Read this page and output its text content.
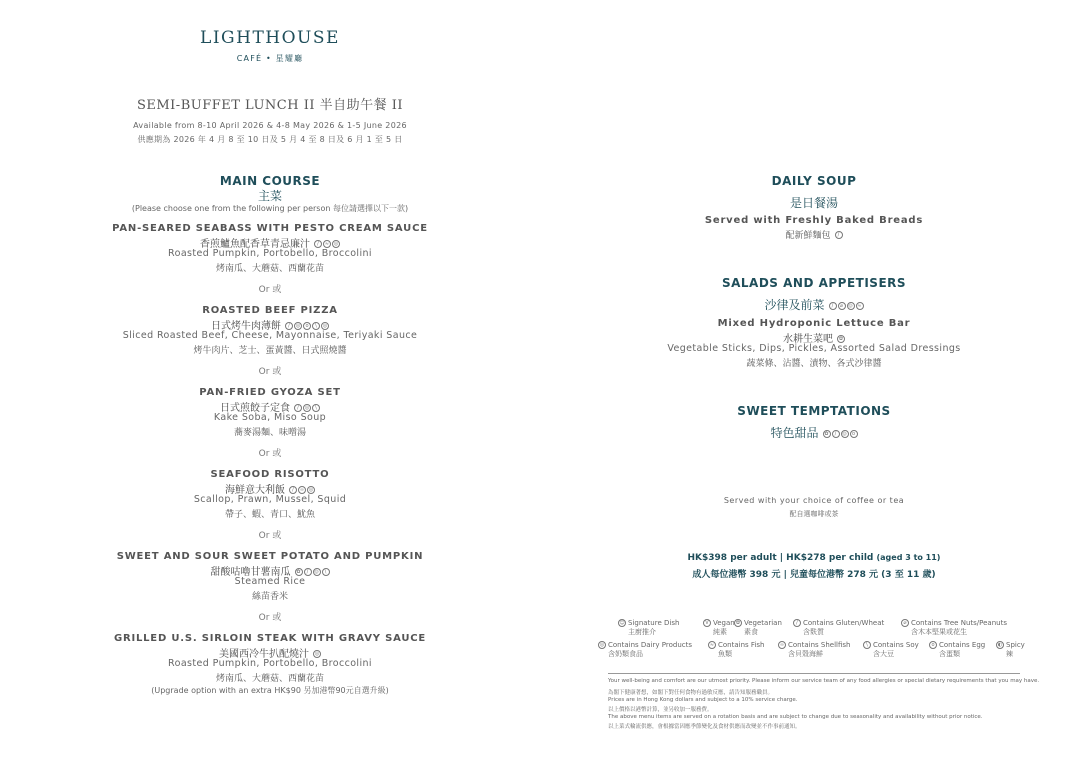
LIGHTHOUSE
CAFÉ • 星耀廳
SEMI-BUFFET LUNCH II 半自助午餐 II
Available from 8-10 April 2026 & 4-8 May 2026 & 1-5 June 2026
供應期為 2026 年 4 月 8 至 10 日及 5 月 4 至 8 日及 6 月 1 至 5 日
MAIN COURSE
主菜
(Please choose one from the following per person 每位請選擇以下一款)
PAN-SEARED SEABASS WITH PESTO CREAM SAUCE
香煎鱸魚配香草青忌廉汁 / ≈ ◎
Roasted Pumpkin, Portobello, Broccolini
烤南瓜、大蘑菇、西蘭花苗
Or 或
ROASTED BEEF PIZZA
日式烤牛肉薄餅 / ◎ o \ ◎
Sliced Roasted Beef, Cheese, Mayonnaise, Teriyaki Sauce
烤牛肉片、芝士、蛋黃醬、日式照燒醬
Or 或
PAN-FRIED GYOZA SET
日式煎餃子定食 / ◎ \
Kake Soba, Miso Soup
蕎麥湯麵、味噌湯
Or 或
SEAFOOD RISOTTO
海鮮意大利飯 / ∞ ◎
Scallop, Prawn, Mussel, Squid
帶子、蝦、青口、魷魚
Or 或
SWEET AND SOUR SWEET POTATO AND PUMPKIN
甜酸咕嚕甘薯南瓜 ✿ / ◎ \
Steamed Rice
絲苗香米
Or 或
GRILLED U.S. SIRLOIN STEAK WITH GRAVY SAUCE
美國西冷牛扒配燒汁 ◎
Roasted Pumpkin, Portobello, Broccolini
烤南瓜、大蘑菇、西蘭花苗
(Upgrade option with an extra HK$90 另加港幣90元自選升級)
DAILY SOUP
是日餐湯
Served with Freshly Baked Breads
配新鮮麵包 /
SALADS AND APPETISERS
沙律及前菜 / ⌀ ◎ ≈
Mixed Hydroponic Lettuce Bar
水耕生菜吧 ✿
Vegetable Sticks, Dips, Pickles, Assorted Salad Dressings
蔬菜條、沾醬、漬物、各式沙律醬
SWEET TEMPTATIONS
特色甜品 ✿ / ◎ o
Served with your choice of coffee or tea
配自選咖啡或茶
HK$398 per adult | HK$278 per child (aged 3 to 11)
成人每位港幣 398 元 | 兒童每位港幣 278 元 (3 至 11 歲)
☺ Signature Dish
主廚推介
V Vegan
純素
✿ Vegetarian
素食
/ Contains Gluten/Wheat
含麩質
⌀ Contains Tree Nuts/Peanuts
含木本堅果或花生
◎ Contains Dairy Products
含奶類食品
≈ Contains Fish
魚類
∞ Contains Shellfish
含貝殼海鮮
\ Contains Soy
含大豆
o Contains Egg
含蛋類
◐ Spicy
辣
Your well-being and comfort are our utmost priority. Please inform our service team of any food allergies or special dietary requirements that you may have.
為閣下健康著想，如閣下對任何食物有過敏反應，請告知服務職員。
Prices are in Hong Kong dollars and subject to a 10% service charge.
以上價格以港幣計算，並另收加一服務費。
The above menu items are served on a rotation basis and are subject to change due to seasonality and availability without prior notice.
以上菜式輪流供應，會根據當因應季節變化及食材供應而改變並不作事前通知。
